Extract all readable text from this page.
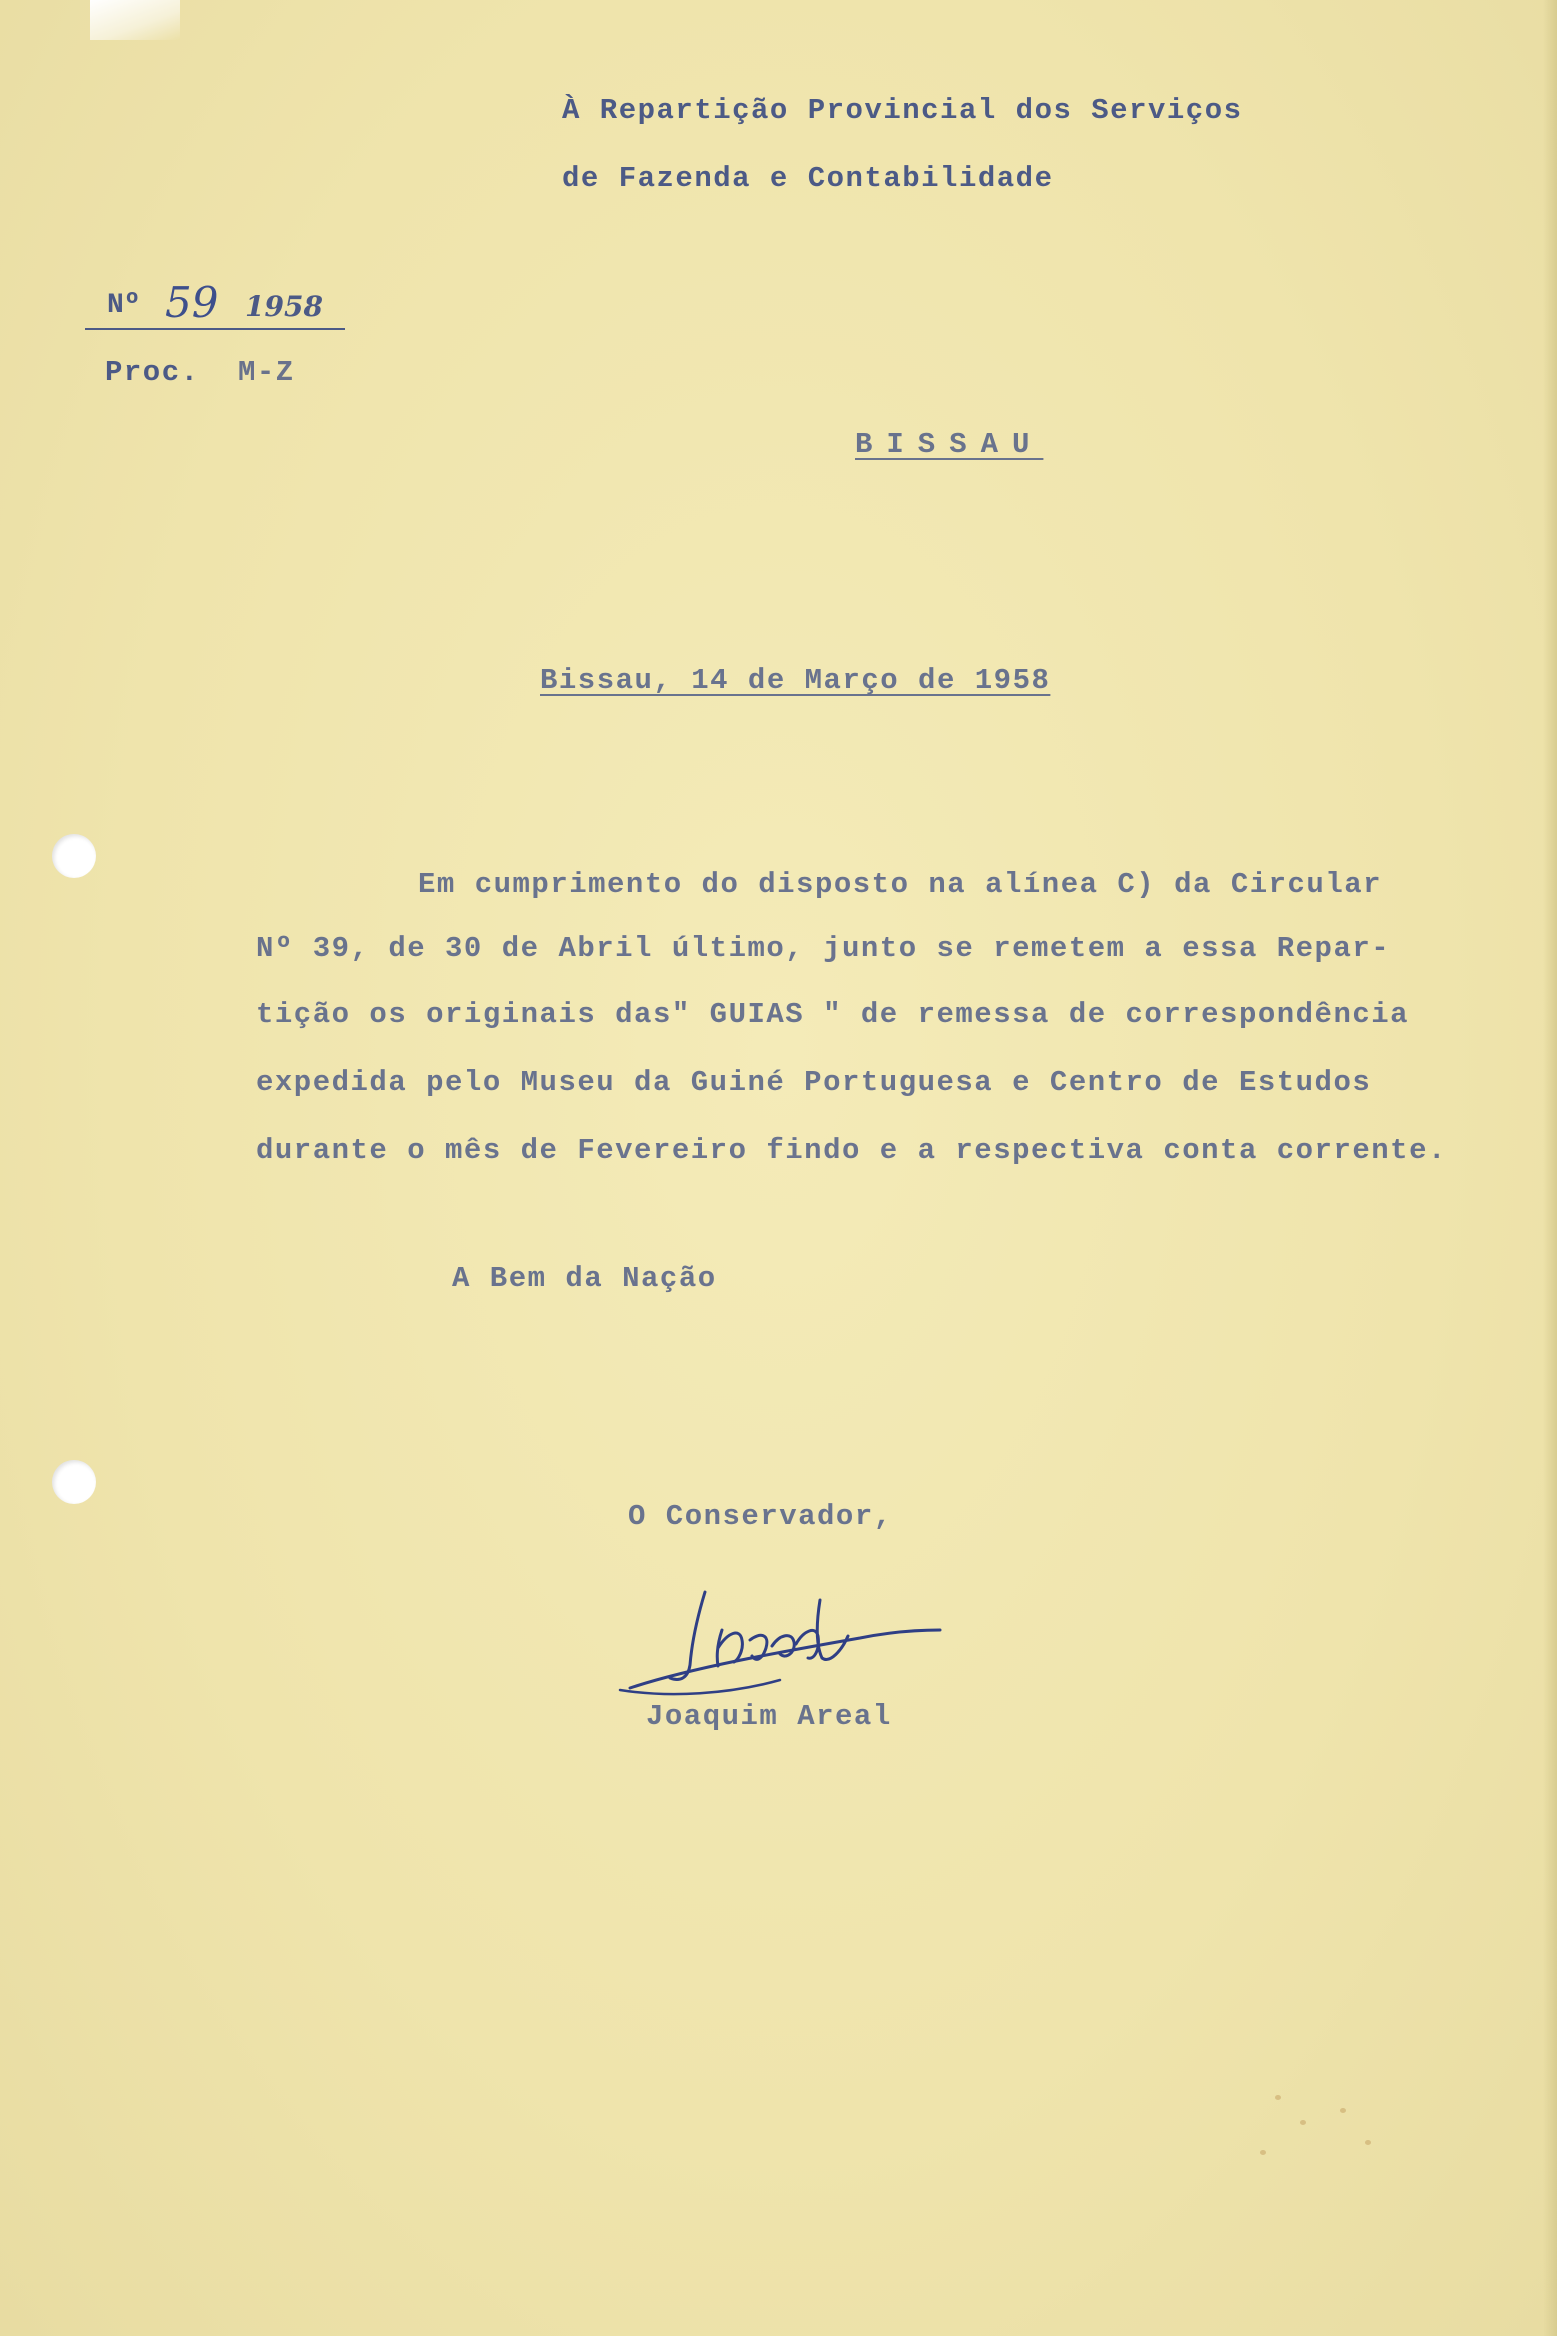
À Repartição Provincial dos Serviços
de Fazenda e Contabilidade
Nº 59 1958
Proc. M-Z
BISSAU
Bissau, 14 de Março de 1958
Em cumprimento do disposto na alínea C) da Circular
Nº 39, de 30 de Abril último, junto se remetem a essa Repar-
tição os originais das" GUIAS " de remessa de correspondência
expedida pelo Museu da Guiné Portuguesa e Centro de Estudos
durante o mês de Fevereiro findo e a respectiva conta corrente.
A Bem da Nação
O Conservador,
Joaquim Areal
